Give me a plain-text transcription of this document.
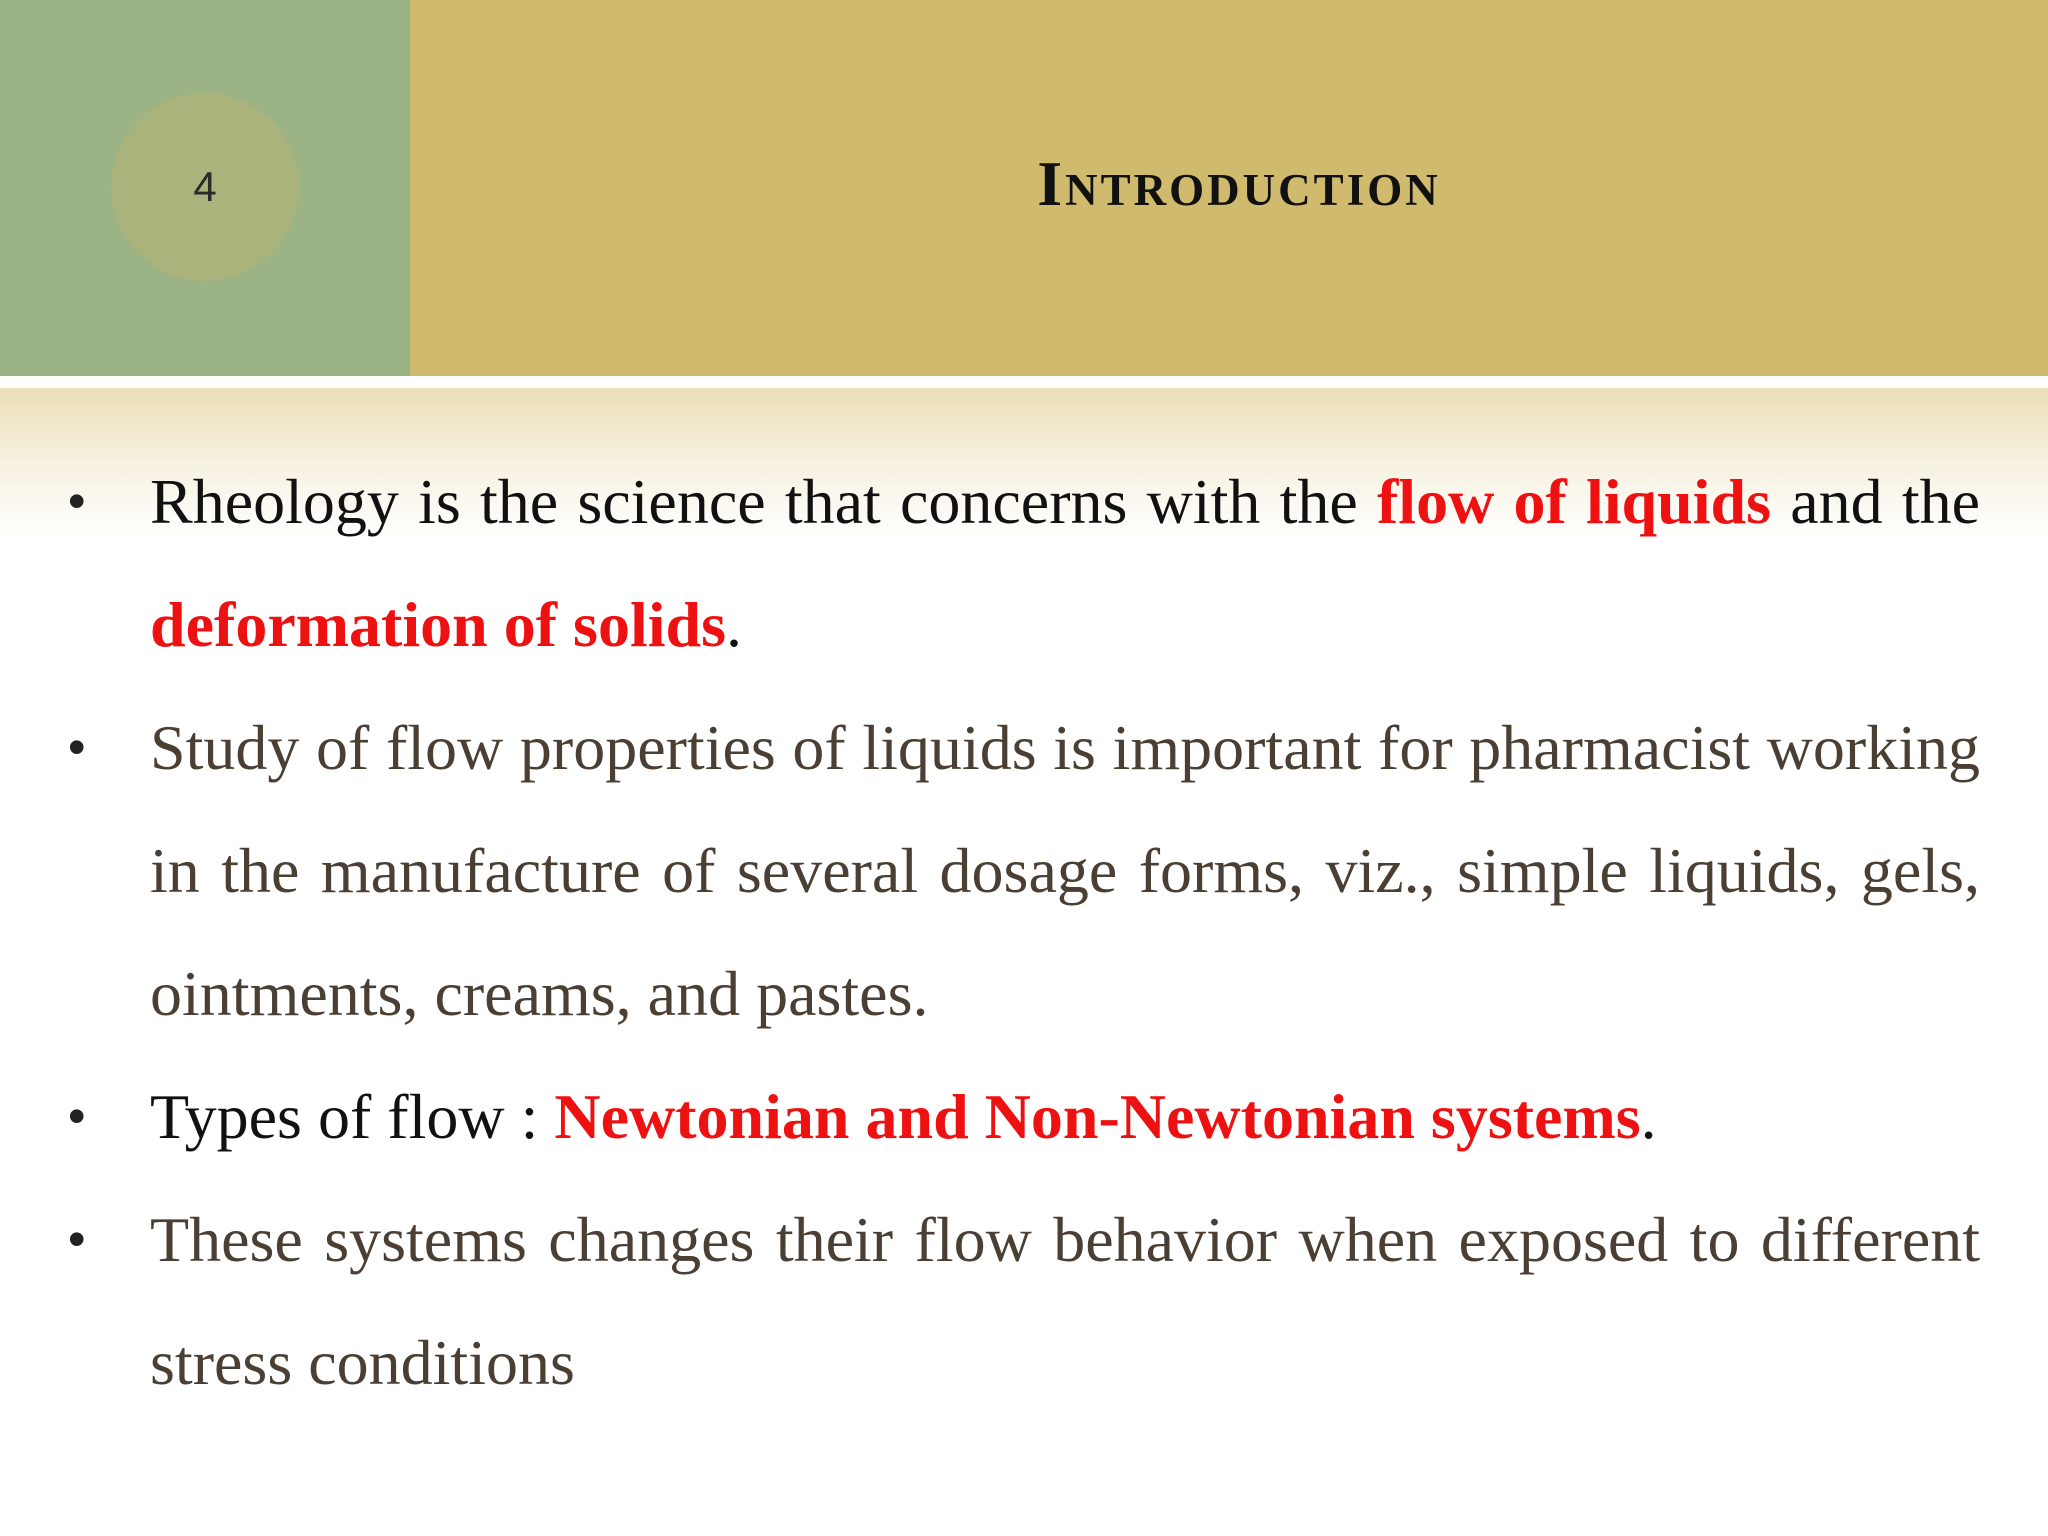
4	Introduction
• Rheology is the science that concerns with the flow of liquids and the deformation of solids.
• Study of flow properties of liquids is important for pharmacist working in the manufacture of several dosage forms, viz., simple liquids, gels, ointments, creams, and pastes.
• Types of flow : Newtonian and Non-Newtonian systems.
• These systems changes their flow behavior when exposed to different stress conditions
